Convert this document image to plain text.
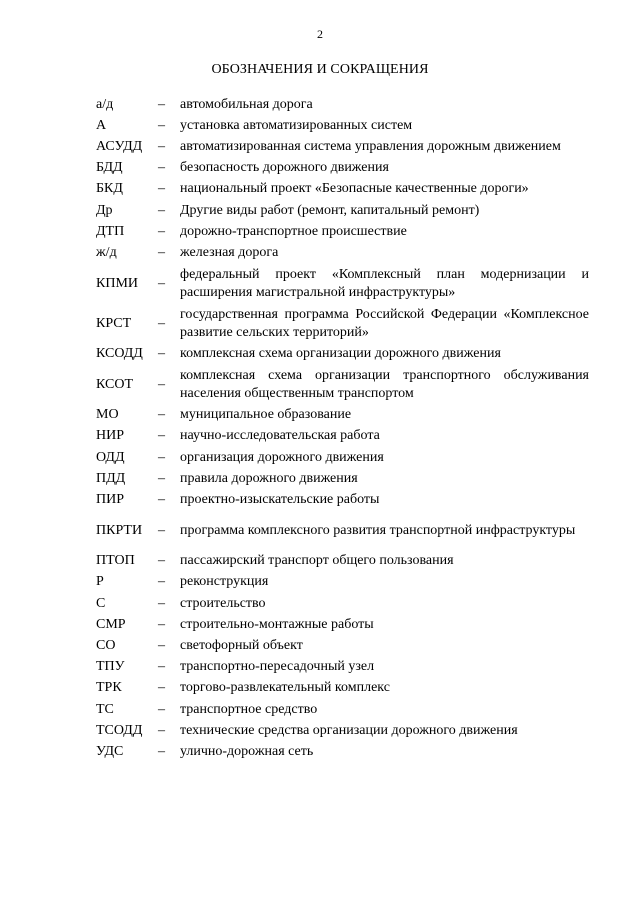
2
ОБОЗНАЧЕНИЯ И СОКРАЩЕНИЯ
а/д	–	автомобильная дорога
А	–	установка автоматизированных систем
АСУДД	–	автоматизированная система управления дорожным движением
БДД	–	безопасность дорожного движения
БКД	–	национальный проект «Безопасные качественные дороги»
Др	–	Другие виды работ (ремонт, капитальный ремонт)
ДТП	–	дорожно-транспортное происшествие
ж/д	–	железная дорога
КПМИ	–	федеральный проект «Комплексный план модернизации и расширения магистральной инфраструктуры»
КРСТ	–	государственная программа Российской Федерации «Комплексное развитие сельских территорий»
КСОДД	–	комплексная схема организации дорожного движения
КСОТ	–	комплексная схема организации транспортного обслуживания населения общественным транспортом
МО	–	муниципальное образование
НИР	–	научно-исследовательская работа
ОДД	–	организация дорожного движения
ПДД	–	правила дорожного движения
ПИР	–	проектно-изыскательские работы
ПКРТИ	–	программа комплексного развития транспортной инфраструктуры
ПТОП	–	пассажирский транспорт общего пользования
Р	–	реконструкция
С	–	строительство
СМР	–	строительно-монтажные работы
СО	–	светофорный объект
ТПУ	–	транспортно-пересадочный узел
ТРК	–	торгово-развлекательный комплекс
ТС	–	транспортное средство
ТСОДД	–	технические средства организации дорожного движения
УДС	–	улично-дорожная сеть
